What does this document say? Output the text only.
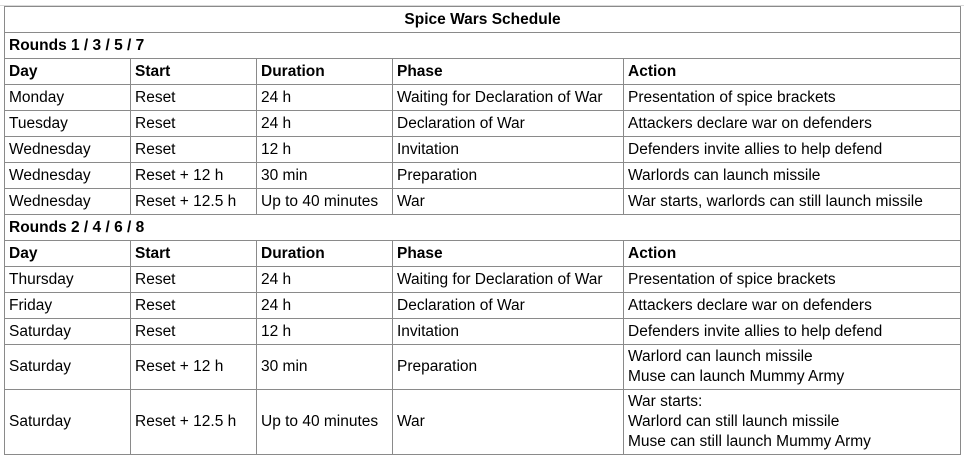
Spice Wars Schedule				
Rounds 1 / 3 / 5 / 7				
Day	Start	Duration	Phase	Action
Monday	Reset	24 h	Waiting for Declaration of War	Presentation of spice brackets

Tuesday	Reset	24 h	Declaration of War	Attackers declare war on defenders

Wednesday	Reset	12 h	Invitation	Defenders invite allies to help defend

Wednesday	Reset + 12 h	30 min	Preparation	Warlords can launch missile

Wednesday	Reset + 12.5 h	Up to 40 minutes	War	War starts, warlords can still launch missile

Rounds 2 / 4 / 6 / 8				
Day	Start	Duration	Phase	Action
Thursday	Reset	24 h	Waiting for Declaration of War	Presentation of spice brackets

Friday	Reset	24 h	Declaration of War	Attackers declare war on defenders

Saturday	Reset	12 h	Invitation	Defenders invite allies to help defend

Saturday	Reset + 12 h	30 min	Preparation	Warlord can launch missile
Muse can launch Mummy Army

Saturday	Reset + 12.5 h	Up to 40 minutes	War	War starts:
Warlord can still launch missile
Muse can still launch Mummy Army
